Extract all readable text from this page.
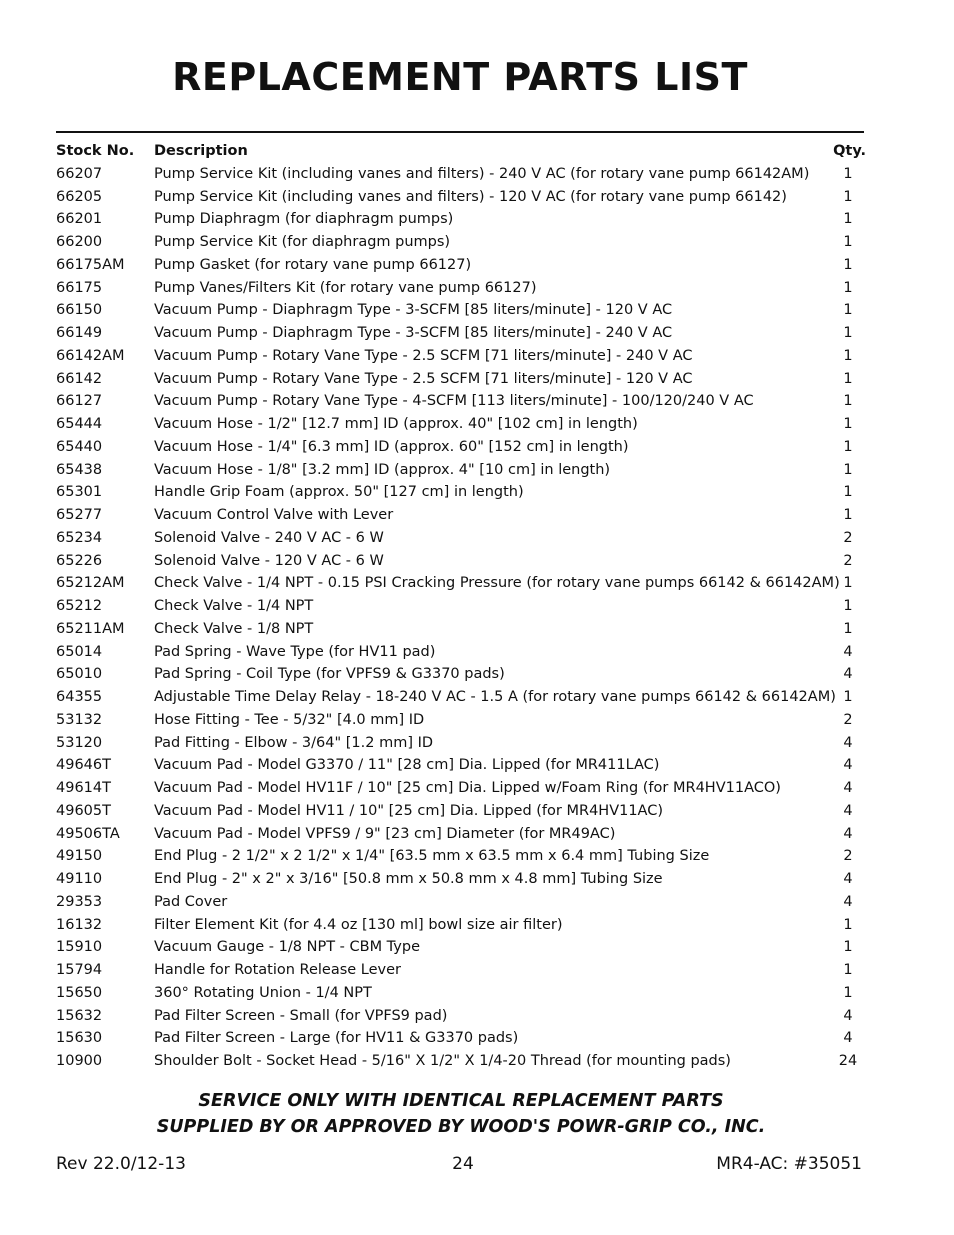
REPLACEMENT PARTS LIST
Stock No.	Description	Qty.
66207	Pump Service Kit (including vanes and filters) - 240 V AC (for rotary vane pump 66142AM)	1
66205	Pump Service Kit (including vanes and filters) - 120 V AC (for rotary vane pump 66142)	1
66201	Pump Diaphragm (for diaphragm pumps)	1
66200	Pump Service Kit (for diaphragm pumps)	1
66175AM	Pump Gasket (for rotary vane pump 66127)	1
66175	Pump Vanes/Filters Kit (for rotary vane pump 66127)	1
66150	Vacuum Pump - Diaphragm Type - 3-SCFM [85 liters/minute] - 120 V AC	1
66149	Vacuum Pump - Diaphragm Type - 3-SCFM [85 liters/minute] - 240 V AC	1
66142AM	Vacuum Pump - Rotary Vane Type - 2.5 SCFM [71 liters/minute] - 240 V AC	1
66142	Vacuum Pump - Rotary Vane Type - 2.5 SCFM [71 liters/minute] - 120 V AC	1
66127	Vacuum Pump - Rotary Vane Type - 4-SCFM [113 liters/minute] - 100/120/240 V AC	1
65444	Vacuum Hose - 1/2" [12.7 mm] ID (approx. 40" [102 cm] in length)	1
65440	Vacuum Hose - 1/4" [6.3 mm] ID (approx. 60" [152 cm] in length)	1
65438	Vacuum Hose - 1/8" [3.2 mm] ID (approx. 4" [10 cm] in length)	1
65301	Handle Grip Foam (approx. 50" [127 cm] in length)	1
65277	Vacuum Control Valve with Lever	1
65234	Solenoid Valve - 240 V AC - 6 W	2
65226	Solenoid Valve - 120 V AC - 6 W	2
65212AM	Check Valve - 1/4 NPT - 0.15 PSI Cracking Pressure (for rotary vane pumps 66142 & 66142AM)	1
65212	Check Valve - 1/4 NPT	1
65211AM	Check Valve - 1/8 NPT	1
65014	Pad Spring - Wave Type (for HV11 pad)	4
65010	Pad Spring - Coil Type (for VPFS9 & G3370 pads)	4
64355	Adjustable Time Delay Relay - 18-240 V AC - 1.5 A (for rotary vane pumps 66142 & 66142AM)	1
53132	Hose Fitting - Tee - 5/32" [4.0 mm] ID	2
53120	Pad Fitting - Elbow - 3/64" [1.2 mm] ID	4
49646T	Vacuum Pad - Model G3370 / 11" [28 cm] Dia. Lipped (for MR411LAC)	4
49614T	Vacuum Pad - Model HV11F / 10" [25 cm] Dia. Lipped w/Foam Ring (for MR4HV11ACO)	4
49605T	Vacuum Pad - Model HV11 / 10" [25 cm] Dia. Lipped (for MR4HV11AC)	4
49506TA	Vacuum Pad - Model VPFS9 / 9" [23 cm] Diameter (for MR49AC)	4
49150	End Plug - 2 1/2" x 2 1/2" x 1/4" [63.5 mm x 63.5 mm x 6.4 mm] Tubing Size	2
49110	End Plug - 2" x 2" x 3/16" [50.8 mm x 50.8 mm x 4.8 mm] Tubing Size	4
29353	Pad Cover	4
16132	Filter Element Kit (for 4.4 oz [130 ml] bowl size air filter)	1
15910	Vacuum Gauge - 1/8 NPT - CBM Type	1
15794	Handle for Rotation Release Lever	1
15650	360° Rotating Union - 1/4 NPT	1
15632	Pad Filter Screen - Small (for VPFS9 pad)	4
15630	Pad Filter Screen - Large (for HV11 & G3370 pads)	4
10900	Shoulder Bolt - Socket Head - 5/16" X 1/2" X 1/4-20 Thread (for mounting pads)	24
SERVICE ONLY WITH IDENTICAL REPLACEMENT PARTS
SUPPLIED BY OR APPROVED BY WOOD'S POWR-GRIP CO., INC.
Rev 22.0/12-13	24	MR4-AC: #35051
